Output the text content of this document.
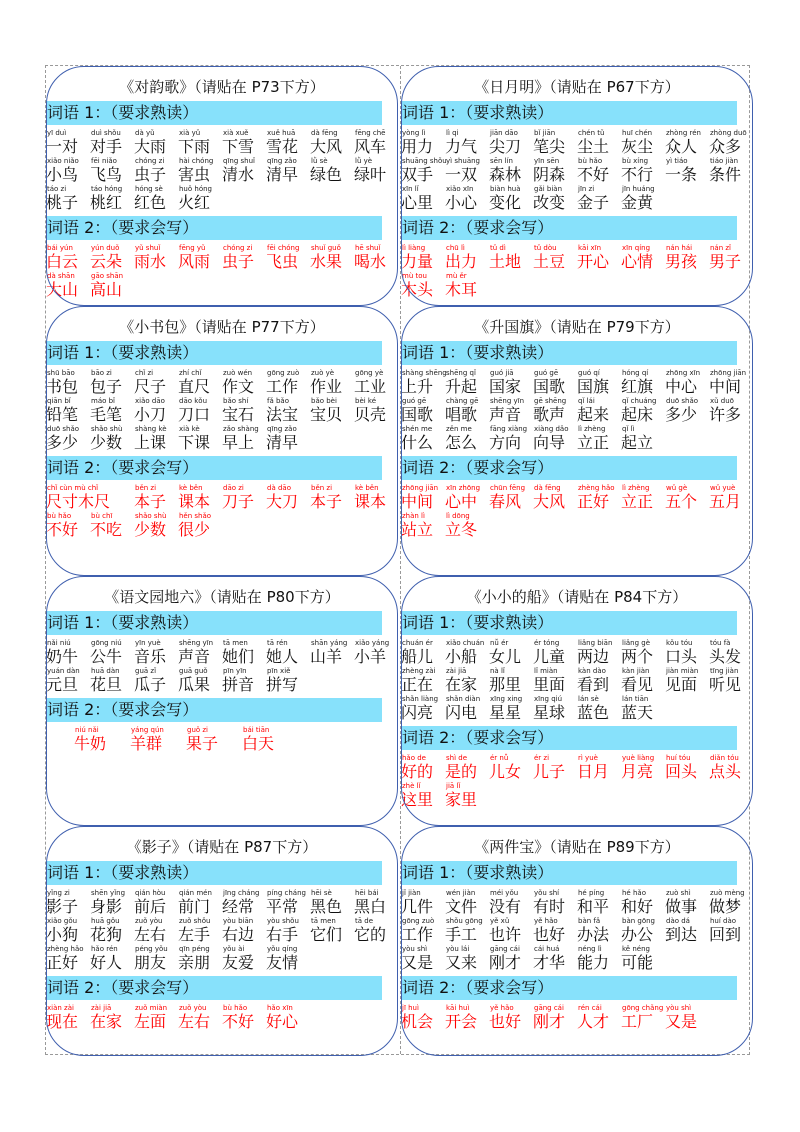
《对韵歌》（请贴在 P73下方）
词语 1：（要求熟读）
yī duì
一对
duì shǒu
对手
dà yǔ
大雨
xià yǔ
下雨
xià xuě
下雪
xuě huā
雪花
dà fēng
大风
fēng chē
风车
xiǎo niǎo
小鸟
fēi niǎo
飞鸟
chóng zi
虫子
hài chóng
害虫
qīng shuǐ
清水
qīng zǎo
清早
lǜ sè
绿色
lǜ yè
绿叶
táo zi
桃子
táo hóng
桃红
hóng sè
红色
huǒ hóng
火红
词语 2：（要求会写）
bái yún
白云
yún duǒ
云朵
yǔ shuǐ
雨水
fēng yǔ
风雨
chóng zi
虫子
fēi chóng
飞虫
shuǐ guǒ
水果
hē shuǐ
喝水
dà shān
大山
gāo shān
高山
《日月明》（请贴在 P67下方）
词语 1：（要求熟读）
yòng lì
用力
lì qi
力气
jiān dāo
尖刀
bǐ jiān
笔尖
chén tǔ
尘土
huī chén
灰尘
zhòng rén
众人
zhòng duō
众多
shuāng shǒu
双手
yì shuāng
一双
sēn lín
森林
yīn sēn
阴森
bù hǎo
不好
bù xíng
不行
yì tiáo
一条
tiáo jiàn
条件
xīn lǐ
心里
xiǎo xīn
小心
biàn huà
变化
gǎi biàn
改变
jīn zi
金子
jīn huáng
金黄
词语 2：（要求会写）
lì liàng
力量
chū lì
出力
tǔ dì
土地
tǔ dòu
土豆
kāi xīn
开心
xīn qíng
心情
nán hái
男孩
nán zǐ
男子
mù tou
木头
mù ěr
木耳
《小书包》（请贴在 P77下方）
词语 1：（要求熟读）
shū bāo
书包
bāo zi
包子
chǐ zi
尺子
zhí chǐ
直尺
zuò wén
作文
gōng zuò
工作
zuò yè
作业
gōng yè
工业
qiān bǐ
铅笔
máo bǐ
毛笔
xiǎo dāo
小刀
dāo kǒu
刀口
bǎo shí
宝石
fǎ bǎo
法宝
bǎo bèi
宝贝
bèi ké
贝壳
duō shǎo
多少
shǎo shù
少数
shàng kè
上课
xià kè
下课
zǎo shàng
早上
qīng zǎo
清早
词语 2：（要求会写）
chǐ cùn mù chǐ
尺寸木尺
běn zi
本子
kè běn
课本
dāo zi
刀子
dà dāo
大刀
běn zi
本子
kè běn
课本
bù hǎo
不好
bù chī
不吃
shǎo shù
少数
hěn shǎo
很少
《升国旗》（请贴在 P79下方）
词语 1：（要求熟读）
shàng shēng
上升
shēng qǐ
升起
guó jiā
国家
guó gē
国歌
guó qí
国旗
hóng qí
红旗
zhōng xīn
中心
zhōng jiān
中间
guó gē
国歌
chàng gē
唱歌
shēng yīn
声音
gē shēng
歌声
qǐ lái
起来
qǐ chuáng
起床
duō shǎo
多少
xǔ duō
许多
shén me
什么
zěn me
怎么
fāng xiàng
方向
xiàng dǎo
向导
lì zhèng
立正
qǐ lì
起立
词语 2：（要求会写）
zhōng jiān
中间
xīn zhōng
心中
chūn fēng
春风
dà fēng
大风
zhèng hǎo
正好
lì zhèng
立正
wǔ gè
五个
wǔ yuè
五月
zhàn lì
站立
lì dōng
立冬
《语文园地六》（请贴在 P80下方）
词语 1：（要求熟读）
nǎi niú
奶牛
gōng niú
公牛
yīn yuè
音乐
shēng yīn
声音
tā men
她们
tā rén
她人
shān yáng
山羊
xiǎo yáng
小羊
yuán dàn
元旦
huā dàn
花旦
guā zǐ
瓜子
guā guǒ
瓜果
pīn yīn
拼音
pīn xiě
拼写
词语 2：（要求会写）
niú nǎi
牛奶
yáng qún
羊群
guǒ zi
果子
bái tiān
白天
《小小的船》（请贴在 P84下方）
词语 1：（要求熟读）
chuán ér
船儿
xiǎo chuán
小船
nǚ ér
女儿
ér tóng
儿童
liǎng biān
两边
liǎng gè
两个
kǒu tóu
口头
tóu fà
头发
zhèng zài
正在
zài jiā
在家
nà lǐ
那里
lǐ miàn
里面
kàn dào
看到
kàn jiàn
看见
jiàn miàn
见面
tīng jiàn
听见
shǎn liàng
闪亮
shǎn diàn
闪电
xīng xing
星星
xīng qiú
星球
lán sè
蓝色
lán tiān
蓝天
词语 2：（要求会写）
hǎo de
好的
shì de
是的
ér nǚ
儿女
ér zi
儿子
rì yuè
日月
yuè liàng
月亮
huí tóu
回头
diǎn tóu
点头
zhè lǐ
这里
jiā lǐ
家里
《影子》（请贴在 P87下方）
词语 1：（要求熟读）
yǐng zi
影子
shēn yǐng
身影
qián hòu
前后
qián mén
前门
jīng cháng
经常
píng cháng
平常
hēi sè
黑色
hēi bái
黑白
xiǎo gǒu
小狗
huā gǒu
花狗
zuǒ yòu
左右
zuǒ shǒu
左手
yòu biān
右边
yòu shǒu
右手
tā men
它们
tā de
它的
zhèng hǎo
正好
hǎo rén
好人
péng yǒu
朋友
qīn péng
亲朋
yǒu ài
友爱
yǒu qíng
友情
词语 2：（要求会写）
xiàn zài
现在
zài jiā
在家
zuǒ miàn
左面
zuǒ yòu
左右
bù hǎo
不好
hǎo xīn
好心
《两件宝》（请贴在 P89下方）
词语 1：（要求熟读）
jǐ jiàn
几件
wén jiàn
文件
méi yǒu
没有
yǒu shí
有时
hé píng
和平
hé hǎo
和好
zuò shì
做事
zuò mèng
做梦
gōng zuò
工作
shǒu gōng
手工
yě xǔ
也许
yě hǎo
也好
bàn fǎ
办法
bàn gōng
办公
dào dá
到达
huí dào
回到
yòu shì
又是
yòu lái
又来
gāng cái
刚才
cái huá
才华
néng lì
能力
kě néng
可能
词语 2：（要求会写）
jī huì
机会
kāi huì
开会
yě hǎo
也好
gāng cái
刚才
rén cái
人才
gōng chǎng
工厂
yòu shì
又是
